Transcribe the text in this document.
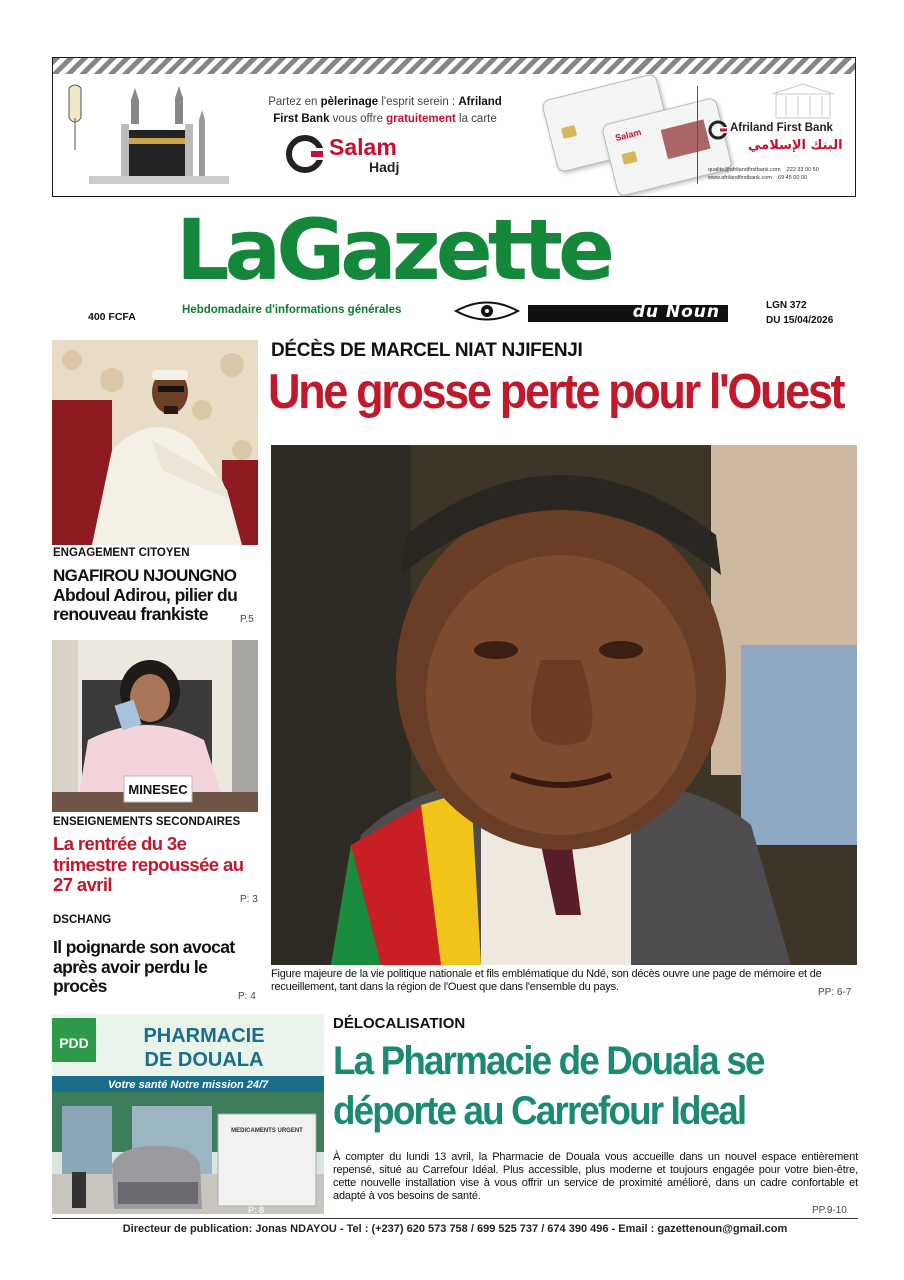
Partez en pèlerinage l'esprit serein : Afriland
First Bank vous offre gratuitement la carte
Salam
Hadj
Salam	Afriland First Bank
البنك الإسلامي
qualite@afrilandfirstbank.com 222 33 00 50
www.afrilandfirstbank.com 69 45 00 00
LaGazette
Hebdomadaire d'informations générales	du Noun
400 FCFA
LGN 372
DU 15/04/2026
ENGAGEMENT CITOYEN
NGAFIROU NJOUNGNO
Abdoul Adirou, pilier du renouveau frankiste	P.5
MINESEC
ENSEIGNEMENTS SECONDAIRES
La rentrée du 3e trimestre repoussée au 27 avril
P: 3
DSCHANG
Il poignarde son avocat après avoir perdu le procès
P: 4
DÉCÈS DE MARCEL NIAT NJIFENJI
Une grosse perte pour l'Ouest
Figure majeure de la vie politique nationale et fils emblématique du Ndé, son décès ouvre une page de mémoire et de recueillement, tant dans la région de l'Ouest que dans l'ensemble du pays.	PP: 6-7
PDD	PHARMACIE
DE DOUALA
Votre santé Notre mission 24/7
MEDICAMENTS URGENT
P: 8
DÉLOCALISATION
La Pharmacie de Douala se
déporte au Carrefour Ideal
À compter du lundi 13 avril, la Pharmacie de Douala vous accueille dans un nouvel espace entièrement repensé, situé au Carrefour Idéal. Plus accessible, plus moderne et toujours engagée pour votre bien-être, cette nouvelle installation vise à vous offrir un service de proximité amélioré, dans un cadre confortable et adapté à vos besoins de santé.
PP.9-10
Directeur de publication: Jonas NDAYOU - Tel : (+237) 620 573 758 / 699 525 737 / 674 390 496 - Email : gazettenoun@gmail.com
